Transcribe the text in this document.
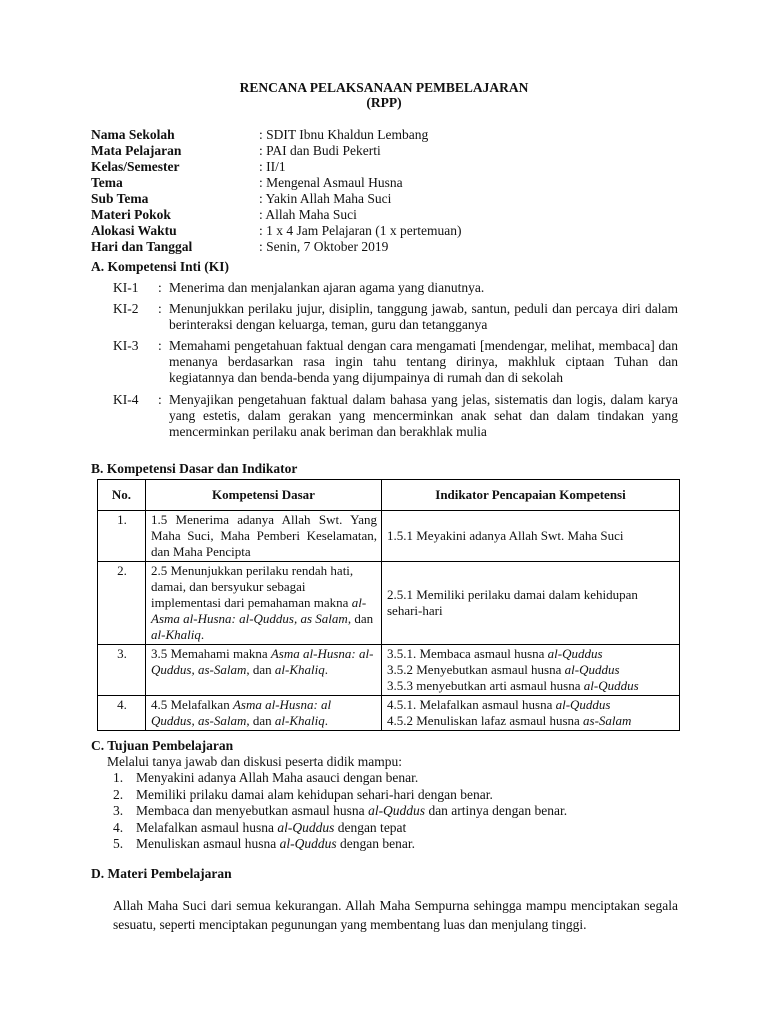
RENCANA PELAKSANAAN PEMBELAJARAN
(RPP)
Nama Sekolah	: SDIT Ibnu Khaldun Lembang
Mata Pelajaran	: PAI dan Budi Pekerti
Kelas/Semester	: II/1
Tema	: Mengenal Asmaul Husna
Sub Tema	: Yakin Allah Maha Suci
Materi Pokok	: Allah Maha Suci
Alokasi Waktu	: 1 x 4 Jam Pelajaran (1 x pertemuan)
Hari dan Tanggal	: Senin, 7 Oktober 2019
A. Kompetensi Inti (KI)
KI-1 : Menerima dan menjalankan ajaran agama yang dianutnya.
KI-2 : Menunjukkan perilaku jujur, disiplin, tanggung jawab, santun, peduli dan percaya diri dalam berinteraksi dengan keluarga, teman, guru dan tetangganya
KI-3 : Memahami pengetahuan faktual dengan cara mengamati [mendengar, melihat, membaca] dan menanya berdasarkan rasa ingin tahu tentang dirinya, makhluk ciptaan Tuhan dan kegiatannya dan benda-benda yang dijumpainya di rumah dan di sekolah
KI-4 : Menyajikan pengetahuan faktual dalam bahasa yang jelas, sistematis dan logis, dalam karya yang estetis, dalam gerakan yang mencerminkan anak sehat dan dalam tindakan yang mencerminkan perilaku anak beriman dan berakhlak mulia
B. Kompetensi Dasar dan Indikator
No.	Kompetensi Dasar	Indikator Pencapaian Kompetensi
1.	1.5 Menerima adanya Allah Swt. Yang Maha Suci, Maha Pemberi Keselamatan, dan Maha Pencipta	1.5.1 Meyakini adanya Allah Swt. Maha Suci
2.	2.5 Menunjukkan perilaku rendah hati, damai, dan bersyukur sebagai implementasi dari pemahaman makna al-Asma al-Husna: al-Quddus, as Salam, dan al-Khaliq.	2.5.1 Memiliki perilaku damai dalam kehidupan sehari-hari
3.	3.5 Memahami makna Asma al-Husna: al-Quddus, as-Salam, dan al-Khaliq.	3.5.1. Membaca asmaul husna al-Quddus
3.5.2 Menyebutkan asmaul husna al-Quddus
3.5.3 menyebutkan arti asmaul husna al-Quddus

4.	4.5 Melafalkan Asma al-Husna: al Quddus, as-Salam, dan al-Khaliq.	4.5.1. Melafalkan asmaul husna al-Quddus
4.5.2 Menuliskan lafaz asmaul husna as-Salam
C. Tujuan Pembelajaran
Melalui tanya jawab dan diskusi peserta didik mampu:
1. Menyakini adanya Allah Maha asauci dengan benar.
2. Memiliki prilaku damai alam kehidupan sehari-hari dengan benar.
3. Membaca dan menyebutkan asmaul husna al-Quddus dan artinya dengan benar.
4. Melafalkan asmaul husna al-Quddus dengan tepat
5. Menuliskan asmaul husna al-Quddus dengan benar.
D. Materi Pembelajaran
Allah Maha Suci dari semua kekurangan. Allah Maha Sempurna sehingga mampu menciptakan segala sesuatu, seperti menciptakan pegunungan yang membentang luas dan menjulang tinggi.
